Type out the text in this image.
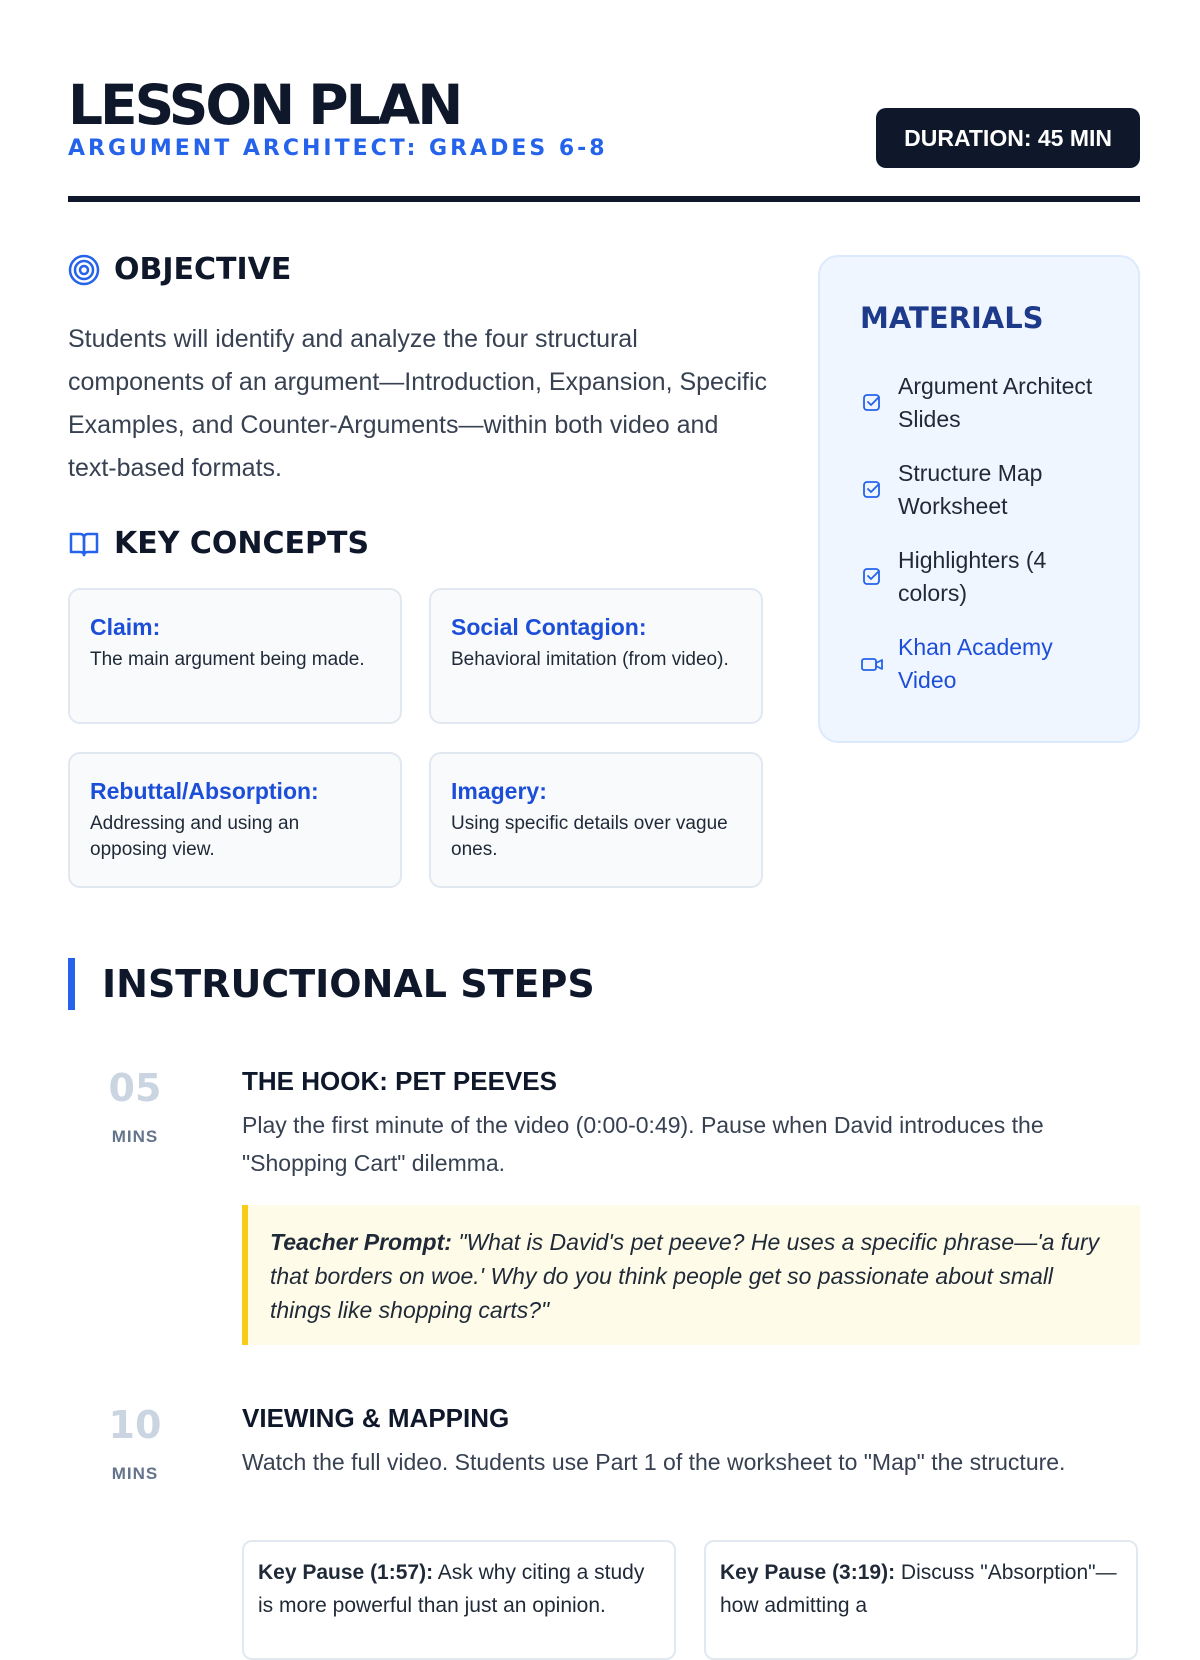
LESSON PLAN
ARGUMENT ARCHITECT: GRADES 6-8	DURATION: 45 MIN
OBJECTIVE
Students will identify and analyze the four structural components of an argument—Introduction, Expansion, Specific Examples, and Counter-Arguments—within both video and text-based formats.
KEY CONCEPTS
Claim:
The main argument being made.
Social Contagion:
Behavioral imitation (from video).
Rebuttal/Absorption:
Addressing and using an opposing view.
Imagery:
Using specific details over vague ones.
MATERIALS
Argument Architect Slides
Structure Map Worksheet
Highlighters (4 colors)
Khan Academy Video
INSTRUCTIONAL STEPS
05
MINS
THE HOOK: PET PEEVES
Play the first minute of the video (0:00-0:49). Pause when David introduces the "Shopping Cart" dilemma.
Teacher Prompt: "What is David's pet peeve? He uses a specific phrase—'a fury that borders on woe.' Why do you think people get so passionate about small things like shopping carts?"
10
MINS
VIEWING & MAPPING
Watch the full video. Students use Part 1 of the worksheet to "Map" the structure.
Key Pause (1:57): Ask why citing a study is more powerful than just an opinion.
Key Pause (3:19): Discuss "Absorption"—how admitting a
